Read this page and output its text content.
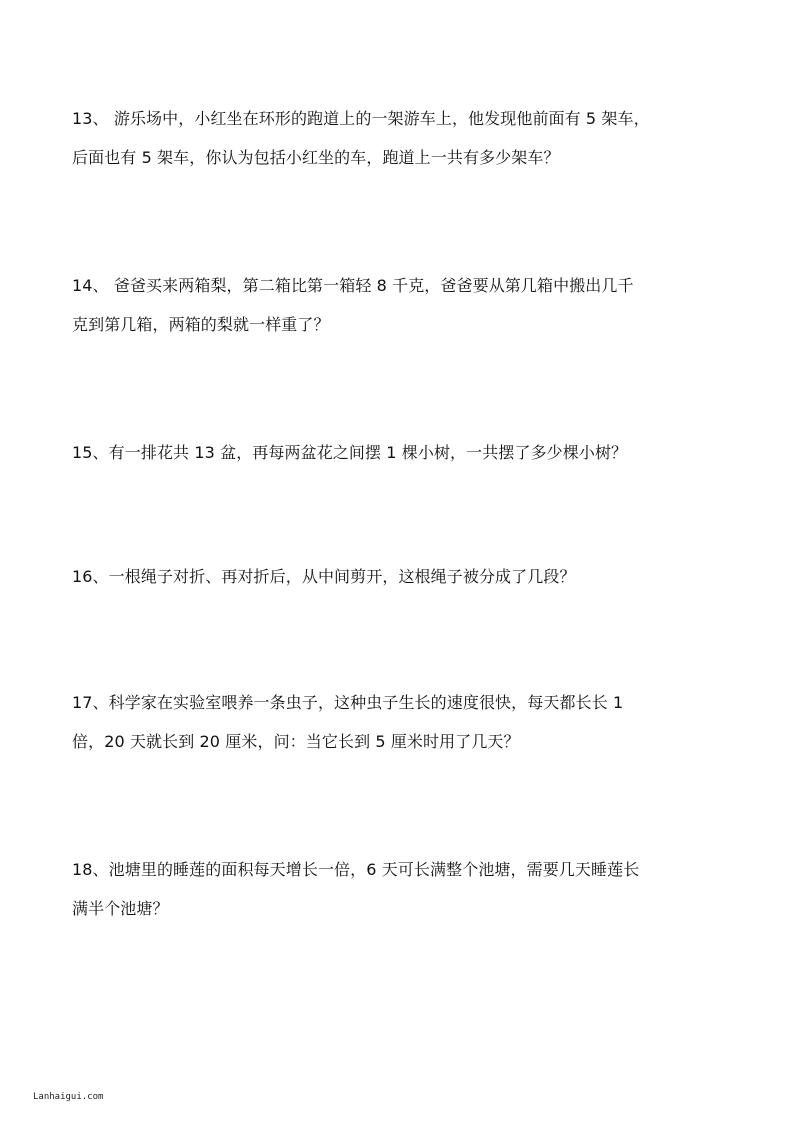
13、 游乐场中，小红坐在环形的跑道上的一架游车上，他发现他前面有 5 架车，
后面也有 5 架车，你认为包括小红坐的车，跑道上一共有多少架车？

14、 爸爸买来两箱梨，第二箱比第一箱轻 8 千克，爸爸要从第几箱中搬出几千
克到第几箱，两箱的梨就一样重了？

15、有一排花共 13 盆，再每两盆花之间摆 1 棵小树，一共摆了多少棵小树？

16、一根绳子对折、再对折后，从中间剪开，这根绳子被分成了几段？

17、科学家在实验室喂养一条虫子，这种虫子生长的速度很快，每天都长长 1
倍，20 天就长到 20 厘米，问：当它长到 5 厘米时用了几天？

18、池塘里的睡莲的面积每天增长一倍，6 天可长满整个池塘，需要几天睡莲长
满半个池塘？

Lanhaigui.com
